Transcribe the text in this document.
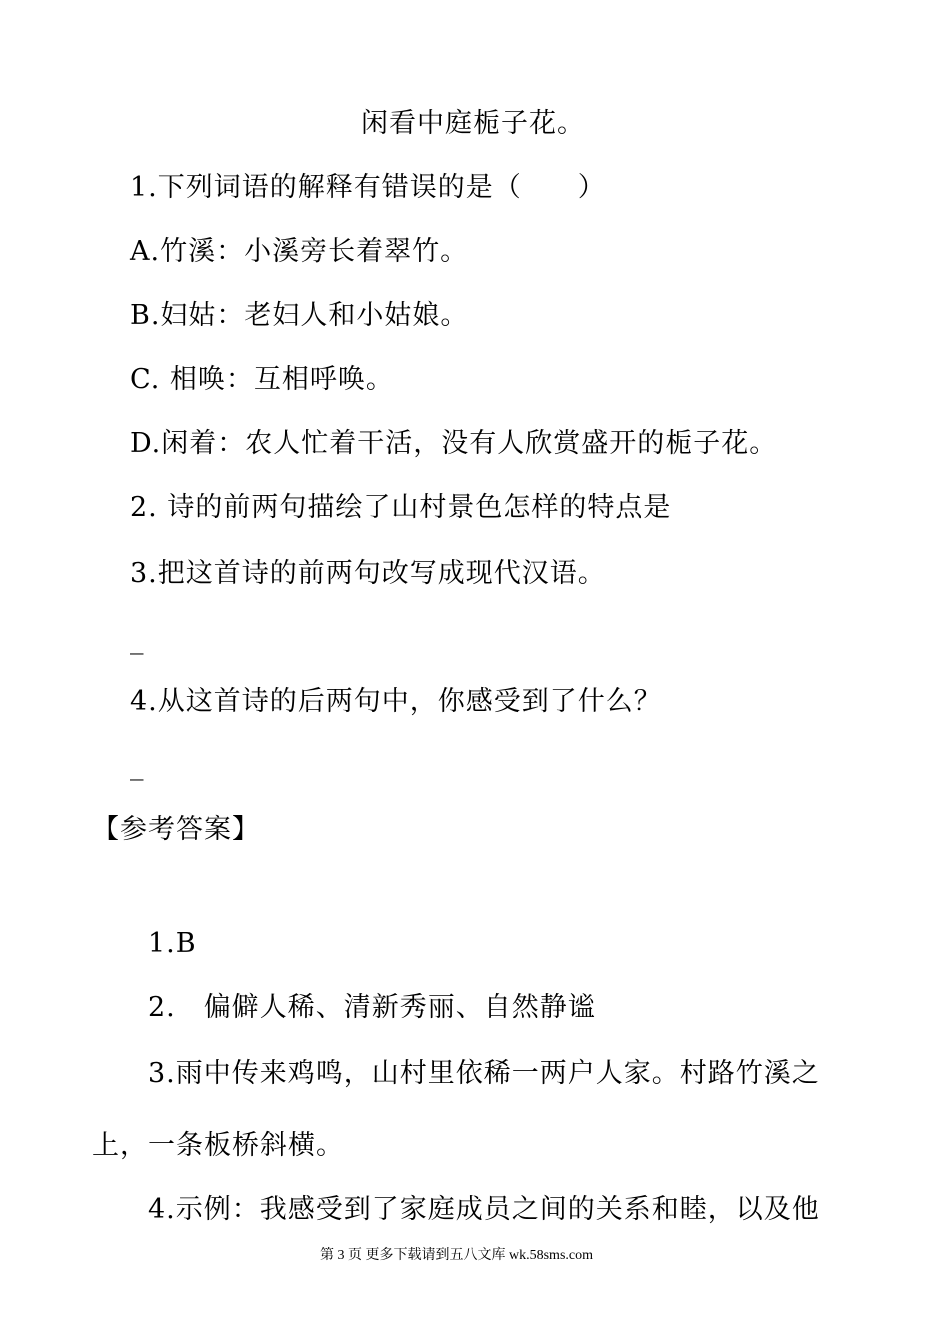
闲看中庭栀子花。
1.下列词语的解释有错误的是（　　）
A.竹溪：小溪旁长着翠竹。
B.妇姑：老妇人和小姑娘。
C. 相唤：互相呼唤。
D.闲着：农人忙着干活，没有人欣赏盛开的栀子花。
2. 诗的前两句描绘了山村景色怎样的特点是
3.把这首诗的前两句改写成现代汉语。
_
4.从这首诗的后两句中，你感受到了什么？
_
【参考答案】
1.B
2.　偏僻人稀、清新秀丽、自然静谧
3.雨中传来鸡鸣，山村里依稀一两户人家。村路竹溪之
上，一条板桥斜横。
4.示例：我感受到了家庭成员之间的关系和睦，以及他
第 3 页 更多下载请到五八文库 wk.58sms.com
